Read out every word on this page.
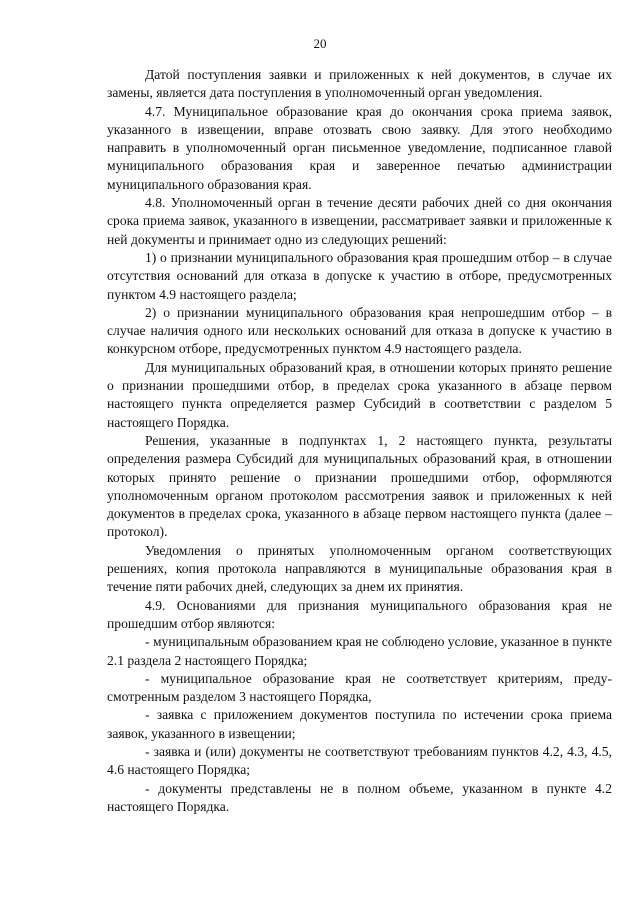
20

Датой поступления заявки и приложенных к ней документов, в случае их замены, является дата поступления в уполномоченный орган уведомления.

4.7. Муниципальное образование края до окончания срока приема заявок, указанного в извещении, вправе отозвать свою заявку. Для этого необходимо направить в уполномоченный орган письменное уведомление, подписанное главой муниципального образования края и заверенное печатью администрации муниципального образования края.

4.8. Уполномоченный орган в течение десяти рабочих дней со дня окончания срока приема заявок, указанного в извещении, рассматривает заявки и приложенные к ней документы и принимает одно из следующих решений:

1) о признании муниципального образования края прошедшим отбор – в случае отсутствия оснований для отказа в допуске к участию в отборе, предусмотренных пунктом 4.9 настоящего раздела;

2) о признании муниципального образования края непрошедшим отбор – в случае наличия одного или нескольких оснований для отказа в допуске к участию в конкурсном отборе, предусмотренных пунктом 4.9 настоящего раздела.

Для муниципальных образований края, в отношении которых принято решение о признании прошедшими отбор, в пределах срока указанного в абзаце первом настоящего пункта определяется размер Субсидий в соответствии с разделом 5 настоящего Порядка.

Решения, указанные в подпунктах 1, 2 настоящего пункта, результаты определения размера Субсидий для муниципальных образований края, в отношении которых принято решение о признании прошедшими отбор, оформляются уполномоченным органом протоколом рассмотрения заявок и приложенных к ней документов в пределах срока, указанного в абзаце первом настоящего пункта (далее – протокол).

Уведомления о принятых уполномоченным органом соответствующих решениях, копия протокола направляются в муниципальные образования края в течение пяти рабочих дней, следующих за днем их принятия.

4.9. Основаниями для признания муниципального образования края не прошедшим отбор являются:

- муниципальным образованием края не соблюдено условие, указанное в пункте 2.1 раздела 2 настоящего Порядка;

- муниципальное образование края не соответствует критериям, предусмотренным разделом 3 настоящего Порядка,

- заявка с приложением документов поступила по истечении срока приема заявок, указанного в извещении;

- заявка и (или) документы не соответствуют требованиям пунктов 4.2, 4.3, 4.5, 4.6 настоящего Порядка;

- документы представлены не в полном объеме, указанном в пункте 4.2 настоящего Порядка.
